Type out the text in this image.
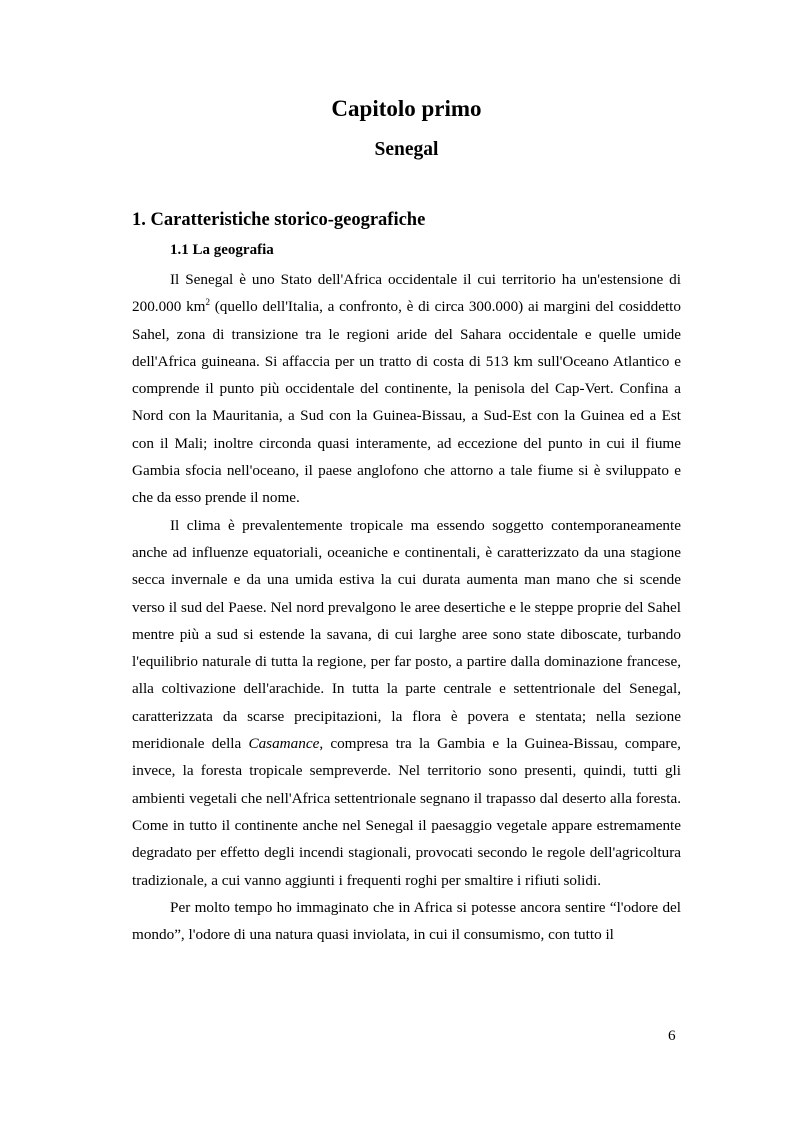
Capitolo primo
Senegal
1. Caratteristiche storico-geografiche
1.1 La geografia

Il Senegal è uno Stato dell'Africa occidentale il cui territorio ha un'estensione di 200.000 $km^2$ (quello dell'Italia, a confronto, è di circa 300.000) ai margini del cosiddetto Sahel, zona di transizione tra le regioni aride del Sahara occidentale e quelle umide dell'Africa guineana. Si affaccia per un tratto di costa di 513 km sull'Oceano Atlantico e comprende il punto più occidentale del continente, la penisola del Cap-Vert. Confina a Nord con la Mauritania, a Sud con la Guinea-Bissau, a Sud-Est con la Guinea ed a Est con il Mali; inoltre circonda quasi interamente, ad eccezione del punto in cui il fiume Gambia sfocia nell'oceano, il paese anglofono che attorno a tale fiume si è sviluppato e che da esso prende il nome.

Il clima è prevalentemente tropicale ma essendo soggetto contemporaneamente anche ad influenze equatoriali, oceaniche e continentali, è caratterizzato da una stagione secca invernale e da una umida estiva la cui durata aumenta man mano che si scende verso il sud del Paese. Nel nord prevalgono le aree desertiche e le steppe proprie del Sahel mentre più a sud si estende la savana, di cui larghe aree sono state diboscate, turbando l'equilibrio naturale di tutta la regione, per far posto, a partire dalla dominazione francese, alla coltivazione dell'arachide. In tutta la parte centrale e settentrionale del Senegal, caratterizzata da scarse precipitazioni, la flora è povera e stentata; nella sezione meridionale della Casamance, compresa tra la Gambia e la Guinea-Bissau, compare, invece, la foresta tropicale sempreverde. Nel territorio sono presenti, quindi, tutti gli ambienti vegetali che nell'Africa settentrionale segnano il trapasso dal deserto alla foresta. Come in tutto il continente anche nel Senegal il paesaggio vegetale appare estremamente degradato per effetto degli incendi stagionali, provocati secondo le regole dell'agricoltura tradizionale, a cui vanno aggiunti i frequenti roghi per smaltire i rifiuti solidi.

Per molto tempo ho immaginato che in Africa si potesse ancora sentire “l'odore del mondo”, l'odore di una natura quasi inviolata, in cui il consumismo, con tutto il

6
